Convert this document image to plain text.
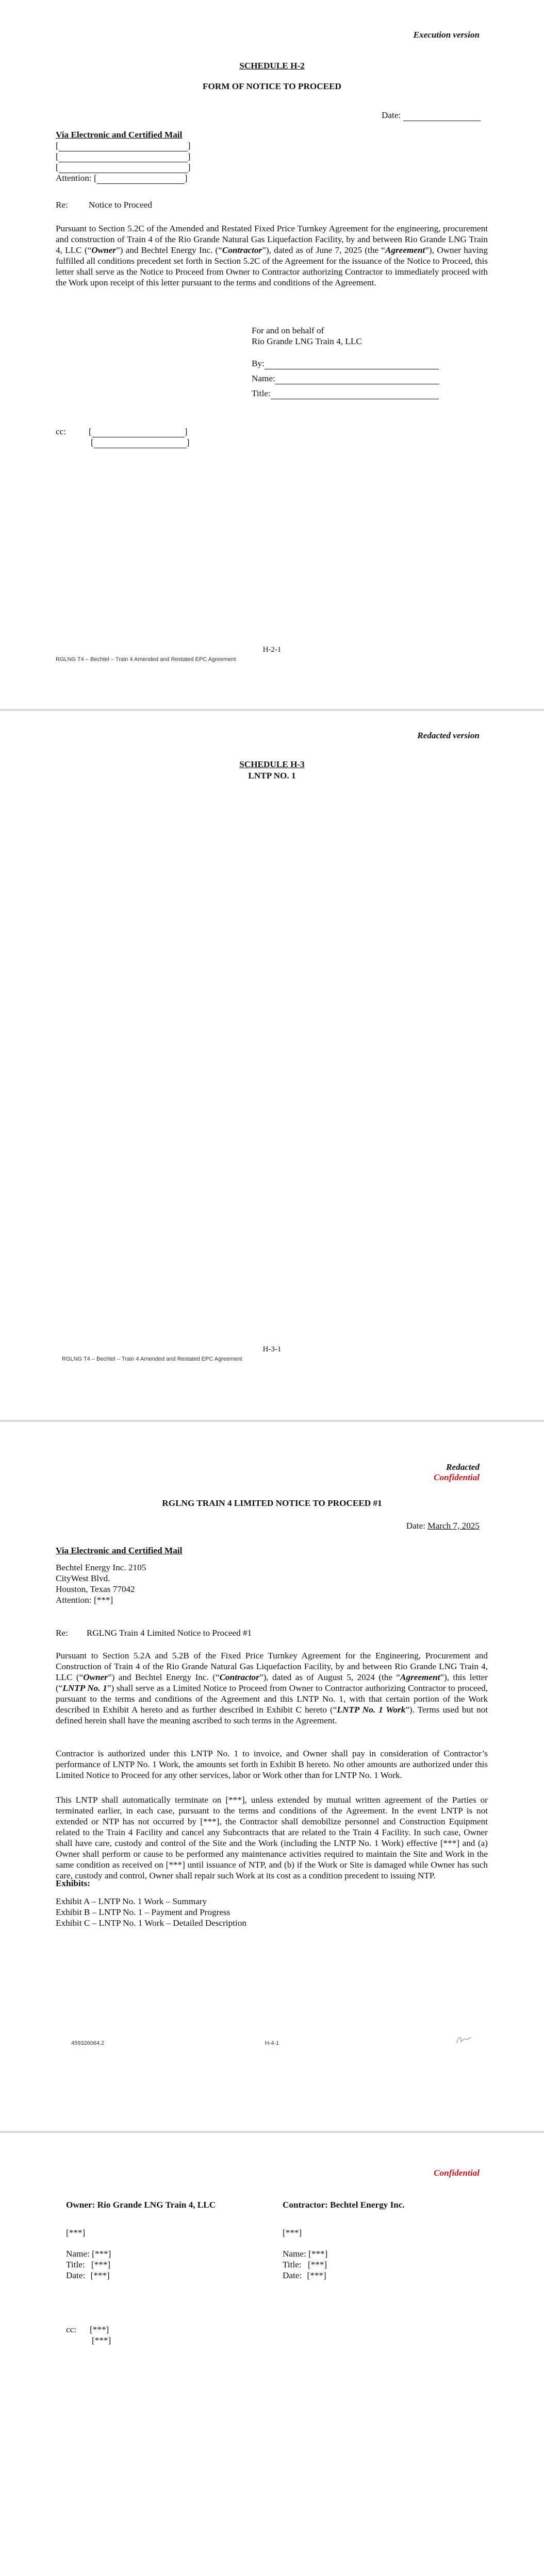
Execution version
SCHEDULE H-2
FORM OF NOTICE TO PROCEED
Date:
Via Electronic and Certified Mail
[	]
[	]
[	]
Attention: [	]
Re: Notice to Proceed

Pursuant to Section 5.2C of the Amended and Restated Fixed Price Turnkey Agreement for the engineering, procurement and construction of Train 4 of the Rio Grande Natural Gas Liquefaction Facility, by and between Rio Grande LNG Train 4, LLC (“Owner”) and Bechtel Energy Inc. (“Contractor”), dated as of June 7, 2025 (the “Agreement”), Owner having fulfilled all conditions precedent set forth in Section 5.2C of the Agreement for the issuance of the Notice to Proceed, this letter shall serve as the Notice to Proceed from Owner to Contractor authorizing Contractor to immediately proceed with the Work upon receipt of this letter pursuant to the terms and conditions of the Agreement.

For and on behalf of
Rio Grande LNG Train 4, LLC
By:
Name:
Title:
cc:	[	]
[	]
H-2-1
RGLNG T4 – Bechtel – Train 4 Amended and Restated EPC Agreement
Redacted version
SCHEDULE H-3
LNTP NO. 1
H-3-1
RGLNG T4 – Bechtel – Train 4 Amended and Restated EPC Agreement
Redacted
Confidential
RGLNG TRAIN 4 LIMITED NOTICE TO PROCEED #1
Date: March 7, 2025
Via Electronic and Certified Mail
Bechtel Energy Inc. 2105
CityWest Blvd.
Houston, Texas 77042
Attention: [***]
Re: RGLNG Train 4 Limited Notice to Proceed #1

Pursuant to Section 5.2A and 5.2B of the Fixed Price Turnkey Agreement for the Engineering, Procurement and Construction of Train 4 of the Rio Grande Natural Gas Liquefaction Facility, by and between Rio Grande LNG Train 4, LLC (“Owner”) and Bechtel Energy Inc. (“Contractor”), dated as of August 5, 2024 (the “Agreement”), this letter (“LNTP No. 1”) shall serve as a Limited Notice to Proceed from Owner to Contractor authorizing Contractor to proceed, pursuant to the terms and conditions of the Agreement and this LNTP No. 1, with that certain portion of the Work described in Exhibit A hereto and as further described in Exhibit C hereto (“LNTP No. 1 Work”). Terms used but not defined herein shall have the meaning ascribed to such terms in the Agreement.

Contractor is authorized under this LNTP No. 1 to invoice, and Owner shall pay in consideration of Contractor’s performance of LNTP No. 1 Work, the amounts set forth in Exhibit B hereto. No other amounts are authorized under this Limited Notice to Proceed for any other services, labor or Work other than for LNTP No. 1 Work.

This LNTP shall automatically terminate on [***], unless extended by mutual written agreement of the Parties or terminated earlier, in each case, pursuant to the terms and conditions of the Agreement. In the event LNTP is not extended or NTP has not occurred by [***], the Contractor shall demobilize personnel and Construction Equipment related to the Train 4 Facility and cancel any Subcontracts that are related to the Train 4 Facility. In such case, Owner shall have care, custody and control of the Site and the Work (including the LNTP No. 1 Work) effective [***] and (a) Owner shall perform or cause to be performed any maintenance activities required to maintain the Site and Work in the same condition as received on [***] until issuance of NTP, and (b) if the Work or Site is damaged while Owner has such care, custody and control, Owner shall repair such Work at its cost as a condition precedent to issuing NTP.

Exhibits:
Exhibit A – LNTP No. 1 Work – Summary
Exhibit B – LNTP No. 1 – Payment and Progress
Exhibit C – LNTP No. 1 Work – Detailed Description
459326064.2	H-4-1
Confidential
Owner: Rio Grande LNG Train 4, LLC	Contractor: Bechtel Energy Inc.
[***]
Name: [***]
Title: [***]
Date: [***]
[***]
Name: [***]
Title: [***]
Date: [***]
cc: [***]
[***]
